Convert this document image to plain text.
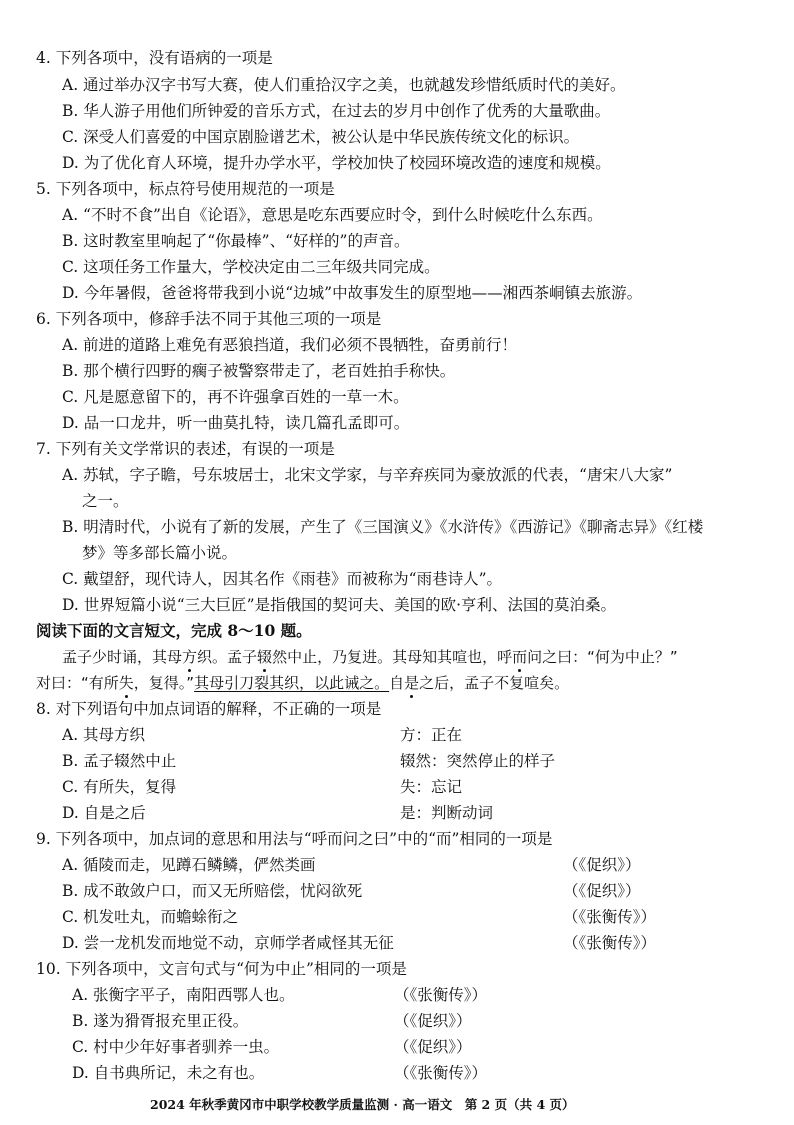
4. 下列各项中，没有语病的一项是
A. 通过举办汉字书写大赛，使人们重拾汉字之美，也就越发珍惜纸质时代的美好。
B. 华人游子用他们所钟爱的音乐方式，在过去的岁月中创作了优秀的大量歌曲。
C. 深受人们喜爱的中国京剧脸谱艺术，被公认是中华民族传统文化的标识。
D. 为了优化育人环境，提升办学水平，学校加快了校园环境改造的速度和规模。
5. 下列各项中，标点符号使用规范的一项是
A. “不时不食”出自《论语》，意思是吃东西要应时令，到什么时候吃什么东西。
B. 这时教室里响起了“你最棒”、“好样的”的声音。
C. 这项任务工作量大，学校决定由二三年级共同完成。
D. 今年暑假，爸爸将带我到小说“边城”中故事发生的原型地——湘西茶峒镇去旅游。
6. 下列各项中，修辞手法不同于其他三项的一项是
A. 前进的道路上难免有恶狼挡道，我们必须不畏牺牲，奋勇前行！
B. 那个横行四野的瘸子被警察带走了，老百姓拍手称快。
C. 凡是愿意留下的，再不许强拿百姓的一草一木。
D. 品一口龙井，听一曲莫扎特，读几篇孔孟即可。
7. 下列有关文学常识的表述，有误的一项是
A. 苏轼，字子瞻，号东坡居士，北宋文学家，与辛弃疾同为豪放派的代表，“唐宋八大家”
之一。
B. 明清时代，小说有了新的发展，产生了《三国演义》《水浒传》《西游记》《聊斋志异》《红楼
梦》等多部长篇小说。
C. 戴望舒，现代诗人，因其名作《雨巷》而被称为“雨巷诗人”。
D. 世界短篇小说“三大巨匠”是指俄国的契诃夫、美国的欧·亨利、法国的莫泊桑。
阅读下面的文言短文，完成 8～10 题。
孟子少时诵，其母方织。孟子辍然中止，乃复进。其母知其喧也，呼而问之曰：“何为中止？”
对曰：“有所失，复得。”其母引刀裂其织，以此诫之。自是之后，孟子不复喧矣。
8. 对下列语句中加点词语的解释，不正确的一项是
A. 其母方织	方：正在
B. 孟子辍然中止	辍然：突然停止的样子
C. 有所失，复得	失：忘记
D. 自是之后	是：判断动词
9. 下列各项中，加点词的意思和用法与“呼而问之曰”中的“而”相同的一项是
A. 循陵而走，见蹲石鳞鳞，俨然类画	（《促织》）
B. 成不敢敛户口，而又无所赔偿，忧闷欲死	（《促织》）
C. 机发吐丸，而蟾蜍衔之	（《张衡传》）
D. 尝一龙机发而地觉不动，京师学者咸怪其无征	（《张衡传》）
10. 下列各项中，文言句式与“何为中止”相同的一项是
A. 张衡字平子，南阳西鄂人也。	（《张衡传》）
B. 遂为猾胥报充里正役。	（《促织》）
C. 村中少年好事者驯养一虫。	（《促织》）
D. 自书典所记，未之有也。	（《张衡传》）
2024 年秋季黄冈市中职学校教学质量监测 · 高一语文　第 2 页（共 4 页）
